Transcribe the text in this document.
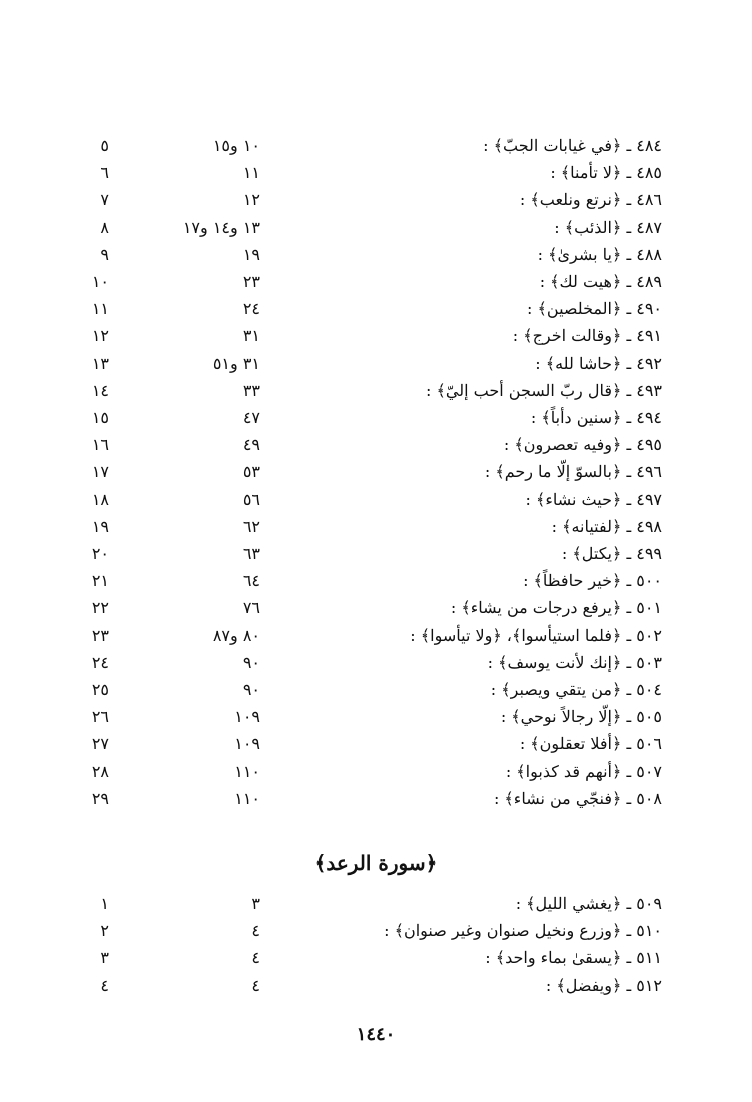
٤٨٤ ـ ﴿في غيابات الجبّ﴾ :
١٠ و١٥
٥
٤٨٥ ـ ﴿لا تأمنا﴾ :
١١
٦
٤٨٦ ـ ﴿نرتع ونلعب﴾ :
١٢
٧
٤٨٧ ـ ﴿الذئب﴾ :
١٣ و١٤ و١٧
٨
٤٨٨ ـ ﴿يا بشرىٰ﴾ :
١٩
٩
٤٨٩ ـ ﴿هيت لك﴾ :
٢٣
١٠
٤٩٠ ـ ﴿المخلصين﴾ :
٢٤
١١
٤٩١ ـ ﴿وقالت اخرج﴾ :
٣١
١٢
٤٩٢ ـ ﴿حاشا لله﴾ :
٣١ و٥١
١٣
٤٩٣ ـ ﴿قال ربّ السجن أحب إليّ﴾ :
٣٣
١٤
٤٩٤ ـ ﴿سنين دأباً﴾ :
٤٧
١٥
٤٩٥ ـ ﴿وفيه تعصرون﴾ :
٤٩
١٦
٤٩٦ ـ ﴿بالسوّ إلّا ما رحم﴾ :
٥٣
١٧
٤٩٧ ـ ﴿حيث نشاء﴾ :
٥٦
١٨
٤٩٨ ـ ﴿لفتيانه﴾ :
٦٢
١٩
٤٩٩ ـ ﴿يكتل﴾ :
٦٣
٢٠
٥٠٠ ـ ﴿خير حافظاً﴾ :
٦٤
٢١
٥٠١ ـ ﴿يرفع درجات من يشاء﴾ :
٧٦
٢٢
٥٠٢ ـ ﴿فلما استيأسوا﴾، ﴿ولا تيأسوا﴾ :
٨٠ و٨٧
٢٣
٥٠٣ ـ ﴿إنك لأنت يوسف﴾ :
٩٠
٢٤
٥٠٤ ـ ﴿من يتقي ويصبر﴾ :
٩٠
٢٥
٥٠٥ ـ ﴿إلّا رجالاً نوحي﴾ :
١٠٩
٢٦
٥٠٦ ـ ﴿أفلا تعقلون﴾ :
١٠٩
٢٧
٥٠٧ ـ ﴿أنهم قد كذبوا﴾ :
١١٠
٢٨
٥٠٨ ـ ﴿فنجّي من نشاء﴾ :
١١٠
٢٩
﴿سورة الرعد﴾
٥٠٩ ـ ﴿يغشي الليل﴾ :
٣
١
٥١٠ ـ ﴿وزرع ونخيل صنوان وغير صنوان﴾ :
٤
٢
٥١١ ـ ﴿يسقىٰ بماء واحد﴾ :
٤
٣
٥١٢ ـ ﴿ويفضل﴾ :
٤
٤
١٤٤٠
